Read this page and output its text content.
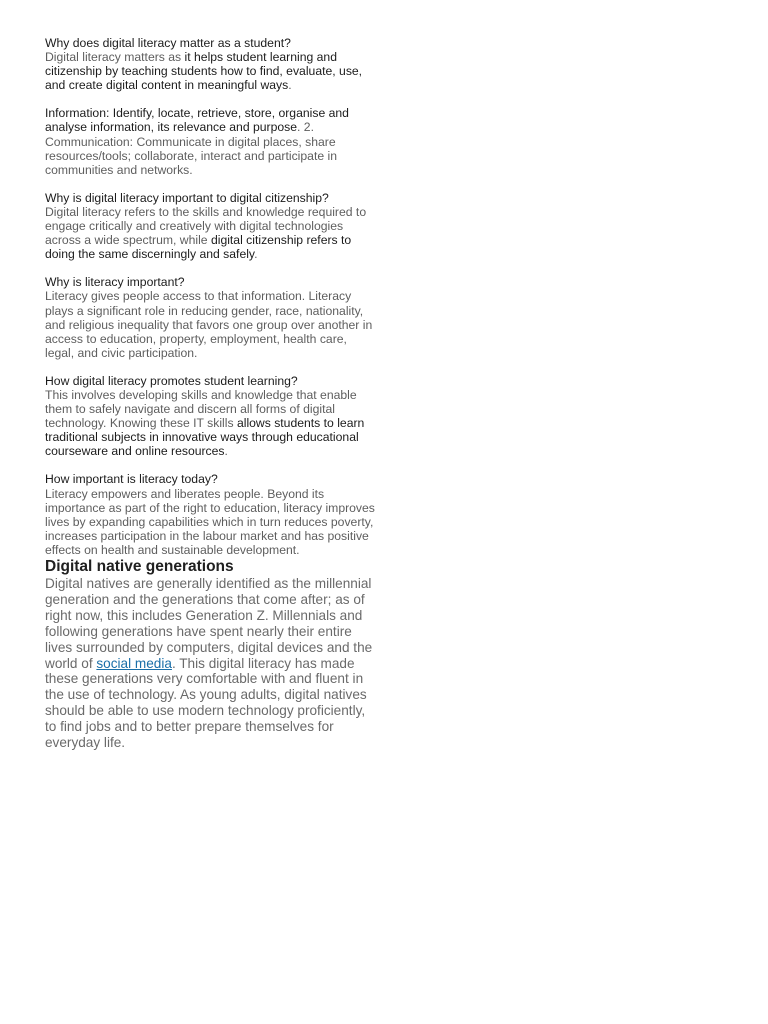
Why does digital literacy matter as a student?

Digital literacy matters as it helps student learning and citizenship by teaching students how to find, evaluate, use, and create digital content in meaningful ways.

Information: Identify, locate, retrieve, store, organise and analyse information, its relevance and purpose. 2. Communication: Communicate in digital places, share resources/tools; collaborate, interact and participate in communities and networks.

Why is digital literacy important to digital citizenship?

Digital literacy refers to the skills and knowledge required to engage critically and creatively with digital technologies across a wide spectrum, while digital citizenship refers to doing the same discerningly and safely.

Why is literacy important?

Literacy gives people access to that information. Literacy plays a significant role in reducing gender, race, nationality, and religious inequality that favors one group over another in access to education, property, employment, health care, legal, and civic participation.

How digital literacy promotes student learning?

This involves developing skills and knowledge that enable them to safely navigate and discern all forms of digital technology. Knowing these IT skills allows students to learn traditional subjects in innovative ways through educational courseware and online resources.

How important is literacy today?

Literacy empowers and liberates people. Beyond its importance as part of the right to education, literacy improves lives by expanding capabilities which in turn reduces poverty, increases participation in the labour market and has positive effects on health and sustainable development.

Digital native generations

Digital natives are generally identified as the millennial generation and the generations that come after; as of right now, this includes Generation Z. Millennials and following generations have spent nearly their entire lives surrounded by computers, digital devices and the world of social media. This digital literacy has made these generations very comfortable with and fluent in the use of technology. As young adults, digital natives should be able to use modern technology proficiently, to find jobs and to better prepare themselves for everyday life.
